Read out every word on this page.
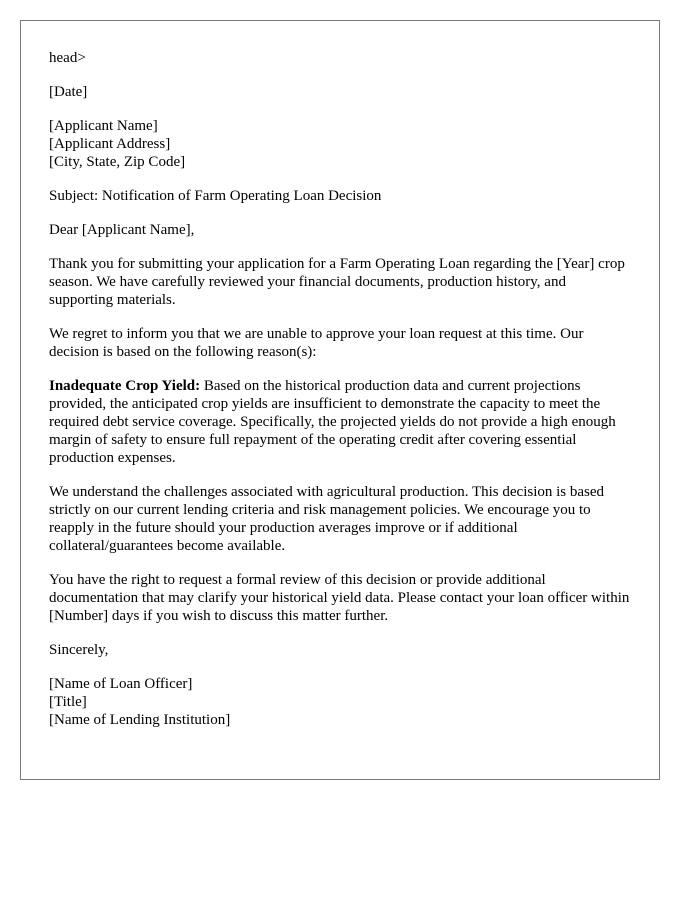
head>

[Date]

[Applicant Name]
[Applicant Address]
[City, State, Zip Code]

Subject: Notification of Farm Operating Loan Decision

Dear [Applicant Name],

Thank you for submitting your application for a Farm Operating Loan regarding the [Year] crop season. We have carefully reviewed your financial documents, production history, and supporting materials.

We regret to inform you that we are unable to approve your loan request at this time. Our decision is based on the following reason(s):

Inadequate Crop Yield: Based on the historical production data and current projections provided, the anticipated crop yields are insufficient to demonstrate the capacity to meet the required debt service coverage. Specifically, the projected yields do not provide a high enough margin of safety to ensure full repayment of the operating credit after covering essential production expenses.

We understand the challenges associated with agricultural production. This decision is based strictly on our current lending criteria and risk management policies. We encourage you to reapply in the future should your production averages improve or if additional collateral/guarantees become available.

You have the right to request a formal review of this decision or provide additional documentation that may clarify your historical yield data. Please contact your loan officer within [Number] days if you wish to discuss this matter further.

Sincerely,

[Name of Loan Officer]
[Title]
[Name of Lending Institution]
